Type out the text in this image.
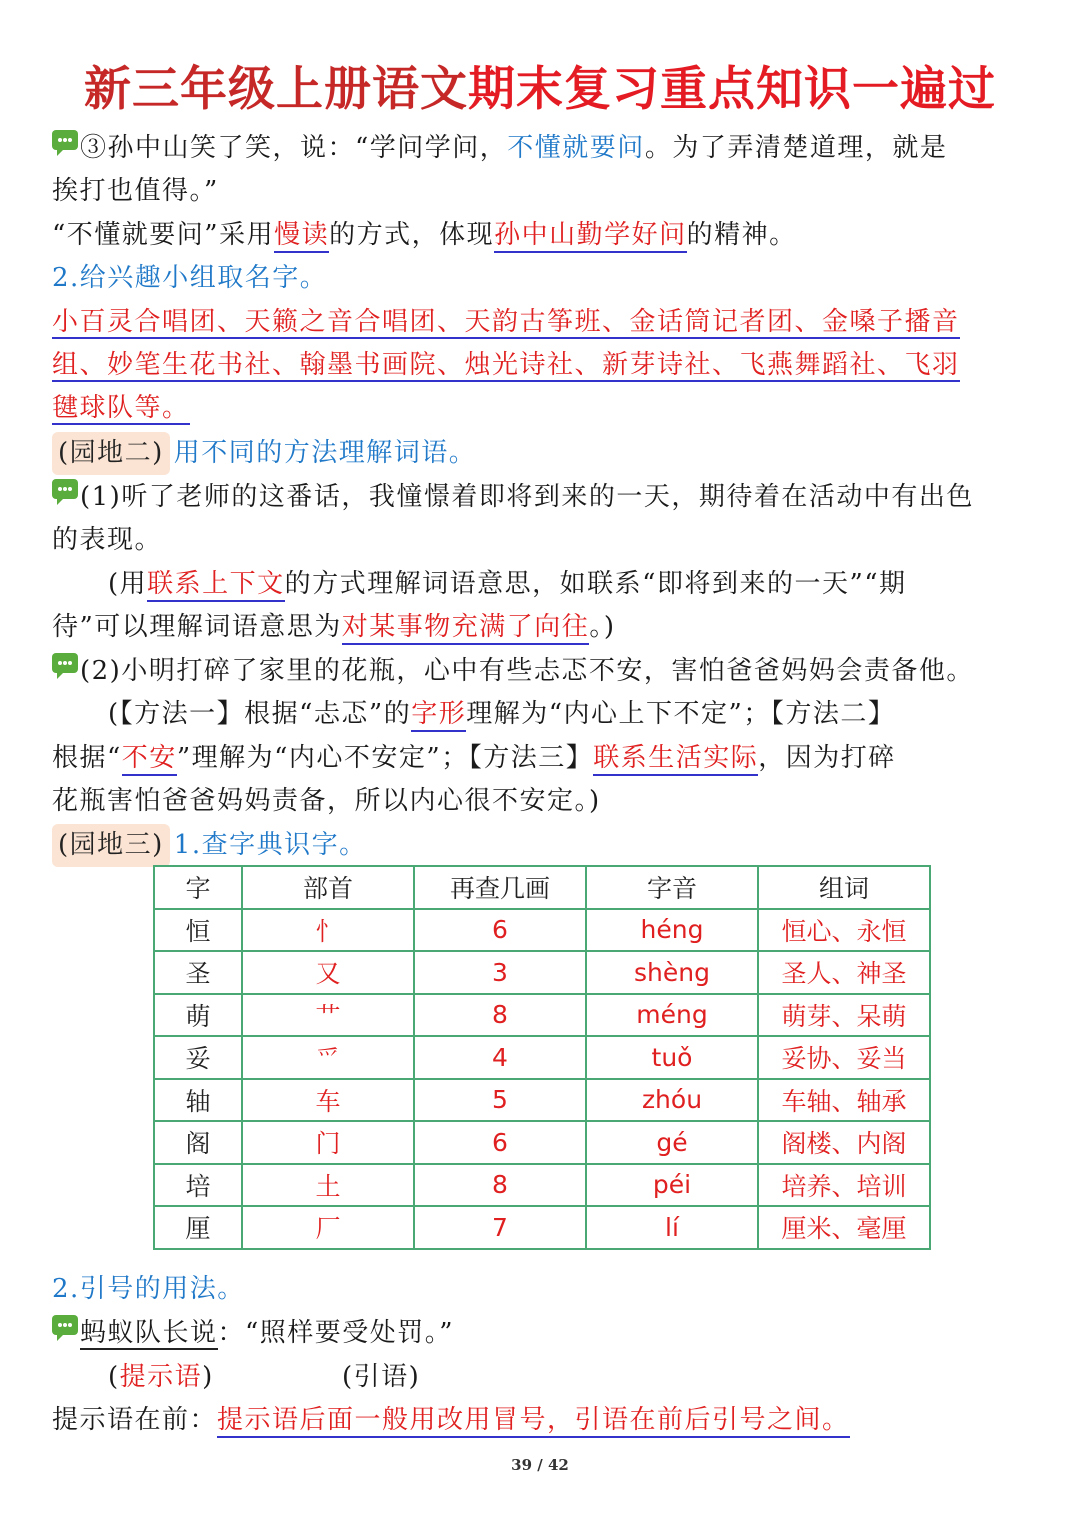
新三年级上册语文期末复习重点知识一遍过
③孙中山笑了笑，说：“学问学问，不懂就要问。为了弄清楚道理，就是
挨打也值得。”
“不懂就要问”采用慢读的方式，体现孙中山勤学好问的精神。
2.给兴趣小组取名字。
小百灵合唱团、天籁之音合唱团、天韵古筝班、金话筒记者团、金嗓子播音
组、妙笔生花书社、翰墨书画院、烛光诗社、新芽诗社、飞燕舞蹈社、飞羽
毽球队等。
(园地二) 用不同的方法理解词语。
(1)听了老师的这番话，我憧憬着即将到来的一天，期待着在活动中有出色
的表现。
(用联系上下文的方式理解词语意思，如联系“即将到来的一天”“期
待”可以理解词语意思为对某事物充满了向往。)
(2)小明打碎了家里的花瓶，心中有些忐忑不安，害怕爸爸妈妈会责备他。
(【方法一】根据“忐忑”的字形理解为“内心上下不定”；【方法二】
根据“不安”理解为“内心不安定”；【方法三】联系生活实际，因为打碎
花瓶害怕爸爸妈妈责备，所以内心很不安定。)
(园地三) 1.查字典识字。
字	部首	再查几画	字音	组词
恒	忄	6	héng	恒心、永恒
圣	又	3	shèng	圣人、神圣
萌	艹	8	méng	萌芽、呆萌
妥	爫	4	tuǒ	妥协、妥当
轴	车	5	zhóu	车轴、轴承
阁	门	6	gé	阁楼、内阁
培	土	8	péi	培养、培训
厘	厂	7	lí	厘米、毫厘
2.引号的用法。
蚂蚁队长说：“照样要受处罚。”
(提示语)	(引语)
提示语在前：提示语后面一般用改用冒号，引语在前后引号之间。
39 / 42
